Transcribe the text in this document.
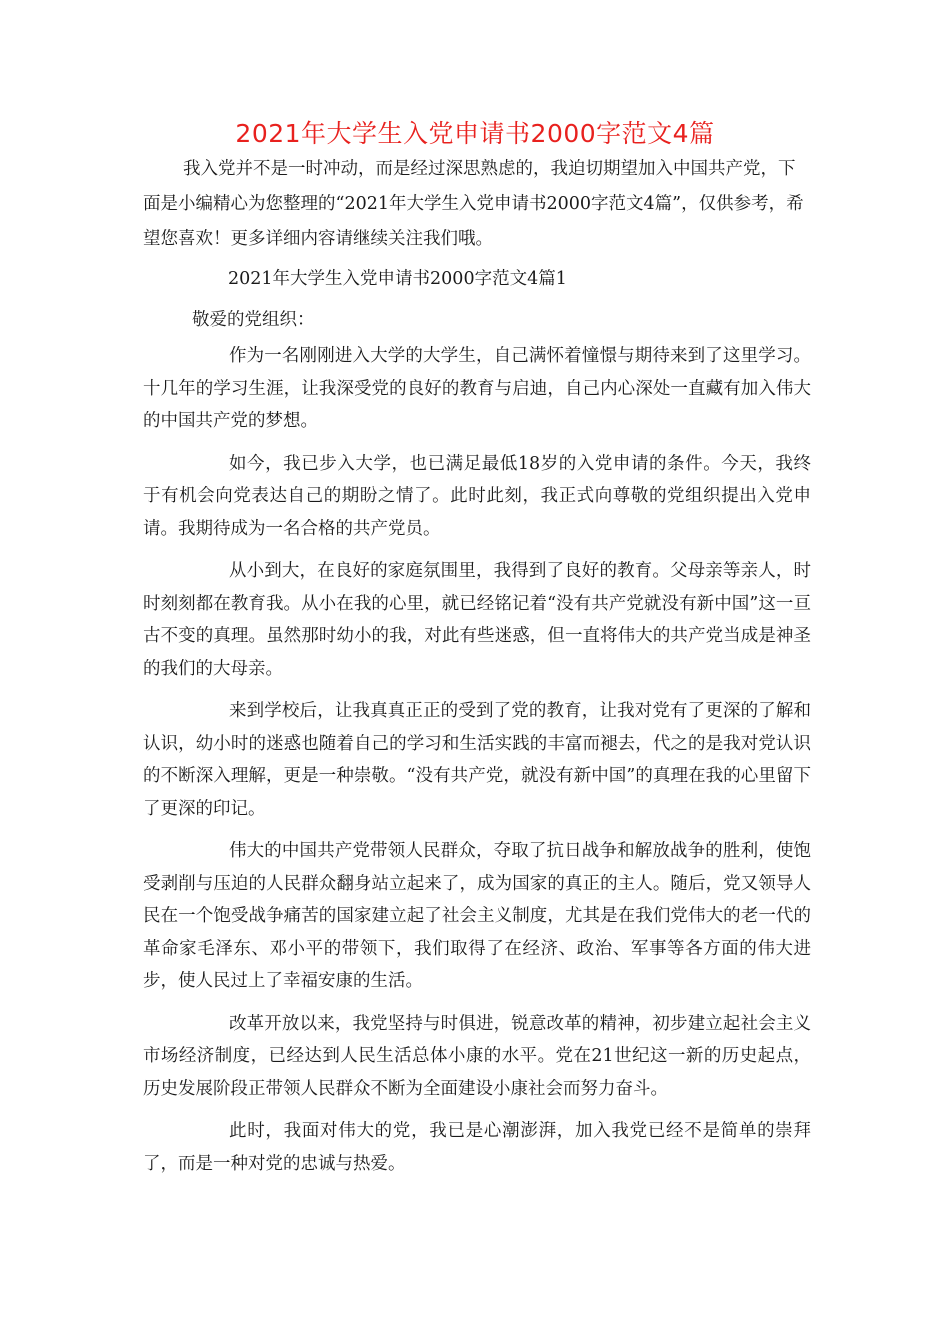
2021年大学生入党申请书2000字范文4篇

我入党并不是一时冲动，而是经过深思熟虑的，我迫切期望加入中国共产党，下面是小编精心为您整理的“2021年大学生入党申请书2000字范文4篇”，仅供参考，希望您喜欢！更多详细内容请继续关注我们哦。

2021年大学生入党申请书2000字范文4篇1

敬爱的党组织：

作为一名刚刚进入大学的大学生，自己满怀着憧憬与期待来到了这里学习。十几年的学习生涯，让我深受党的良好的教育与启迪，自己内心深处一直藏有加入伟大的中国共产党的梦想。

如今，我已步入大学，也已满足最低18岁的入党申请的条件。今天，我终于有机会向党表达自己的期盼之情了。此时此刻，我正式向尊敬的党组织提出入党申请。我期待成为一名合格的共产党员。

从小到大，在良好的家庭氛围里，我得到了良好的教育。父母亲等亲人，时时刻刻都在教育我。从小在我的心里，就已经铭记着“没有共产党就没有新中国”这一亘古不变的真理。虽然那时幼小的我，对此有些迷惑，但一直将伟大的共产党当成是神圣的我们的大母亲。

来到学校后，让我真真正正的受到了党的教育，让我对党有了更深的了解和认识，幼小时的迷惑也随着自己的学习和生活实践的丰富而褪去，代之的是我对党认识的不断深入理解，更是一种崇敬。“没有共产党，就没有新中国”的真理在我的心里留下了更深的印记。

伟大的中国共产党带领人民群众，夺取了抗日战争和解放战争的胜利，使饱受剥削与压迫的人民群众翻身站立起来了，成为国家的真正的主人。随后，党又领导人民在一个饱受战争痛苦的国家建立起了社会主义制度，尤其是在我们党伟大的老一代的革命家毛泽东、邓小平的带领下，我们取得了在经济、政治、军事等各方面的伟大进步，使人民过上了幸福安康的生活。

改革开放以来，我党坚持与时俱进，锐意改革的精神，初步建立起社会主义市场经济制度，已经达到人民生活总体小康的水平。党在21世纪这一新的历史起点，历史发展阶段正带领人民群众不断为全面建设小康社会而努力奋斗。

此时，我面对伟大的党，我已是心潮澎湃，加入我党已经不是简单的崇拜了，而是一种对党的忠诚与热爱。
